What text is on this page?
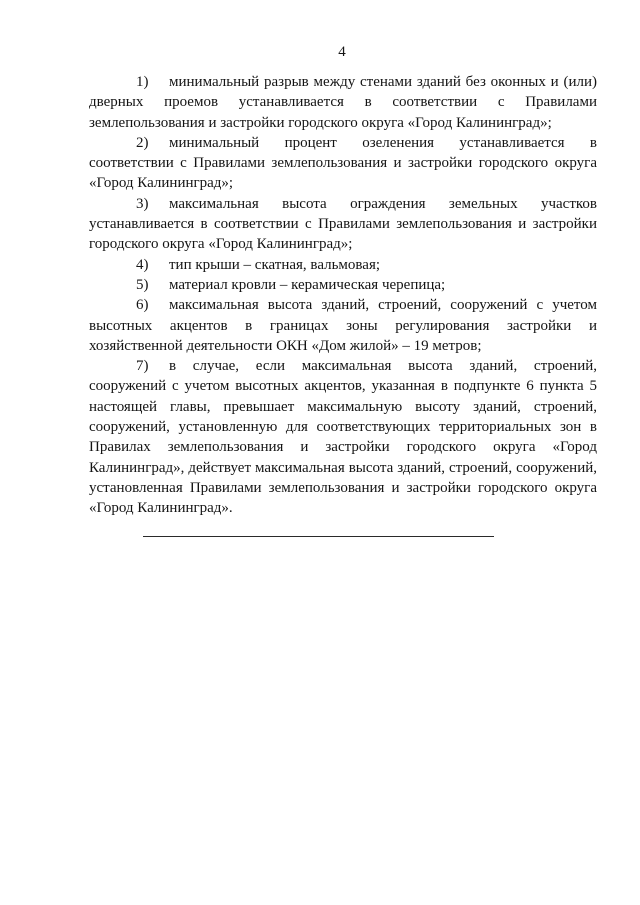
4

1) минимальный разрыв между стенами зданий без оконных и (или) дверных проемов устанавливается в соответствии с Правилами землепользования и застройки городского округа «Город Калининград»;

2) минимальный процент озеленения устанавливается в соответствии с Правилами землепользования и застройки городского округа «Город Калининград»;

3) максимальная высота ограждения земельных участков устанавливается в соответствии с Правилами землепользования и застройки городского округа «Город Калининград»;

4) тип крыши – скатная, вальмовая;

5) материал кровли – керамическая черепица;

6) максимальная высота зданий, строений, сооружений с учетом высотных акцентов в границах зоны регулирования застройки и хозяйственной деятельности ОКН «Дом жилой» – 19 метров;

7) в случае, если максимальная высота зданий, строений, сооружений с учетом высотных акцентов, указанная в подпункте 6 пункта 5 настоящей главы, превышает максимальную высоту зданий, строений, сооружений, установленную для соответствующих территориальных зон в Правилах землепользования и застройки городского округа «Город Калининград», действует максимальная высота зданий, строений, сооружений, установленная Правилами землепользования и застройки городского округа «Город Калининград».
